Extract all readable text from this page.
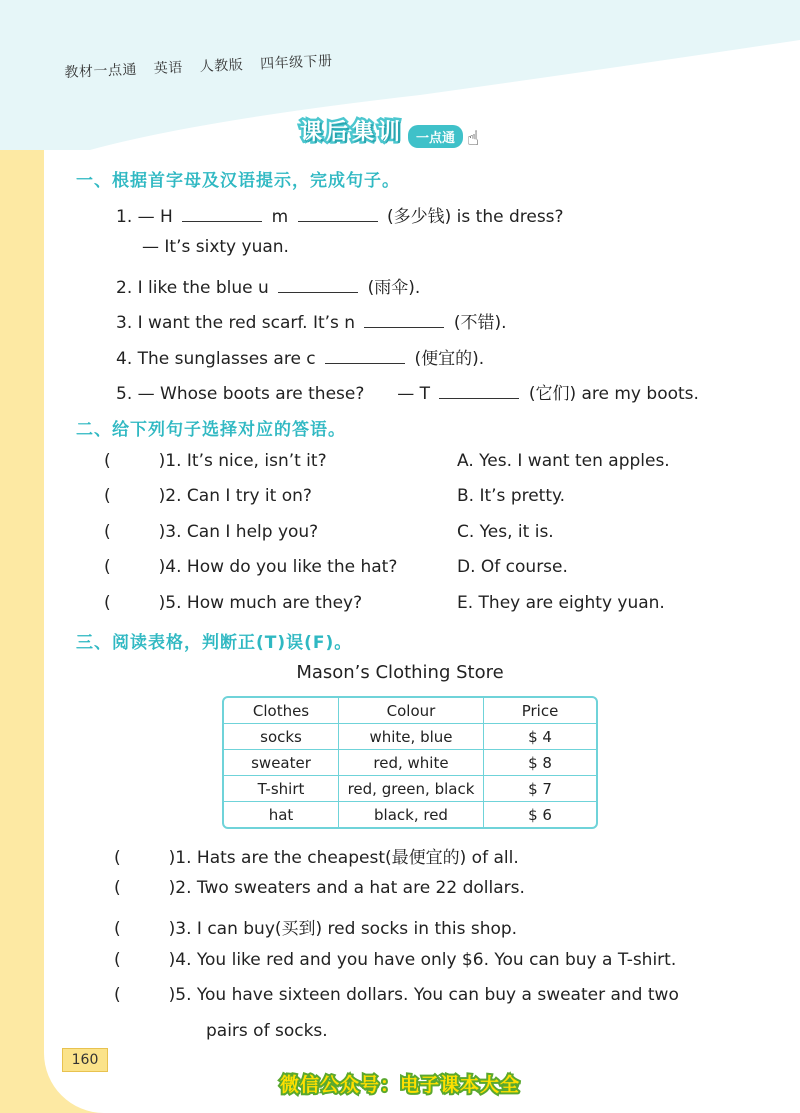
教材一点通 英语 人教版 四年级下册
课后集训 一点通 ☝
一、根据首字母及汉语提示，完成句子。
1. — H	m	(多少钱) is the dress?
— It’s sixty yuan.
2. I like the blue u	(雨伞).
3. I want the red scarf. It’s n	(不错).
4. The sunglasses are c	(便宜的).
5. — Whose boots are these? — T	(它们) are my boots.
二、给下列句子选择对应的答语。
(	)1. It’s nice, isn’t it?	A. Yes. I want ten apples.
(	)2. Can I try it on?	B. It’s pretty.
(	)3. Can I help you?	C. Yes, it is.
(	)4. How do you like the hat?	D. Of course.
(	)5. How much are they?	E. They are eighty yuan.
三、阅读表格，判断正(T)误(F)。
Mason’s Clothing Store
Clothes	Colour	Price
socks	white, blue	$ 4
sweater	red, white	$ 8
T-shirt	red, green, black	$ 7
hat	black, red	$ 6
(	)1. Hats are the cheapest(最便宜的) of all.
(	)2. Two sweaters and a hat are 22 dollars.
(	)3. I can buy(买到) red socks in this shop.
(	)4. You like red and you have only $6. You can buy a T-shirt.
(	)5. You have sixteen dollars. You can buy a sweater and two
pairs of socks.
160
微信公众号：电子课本大全
